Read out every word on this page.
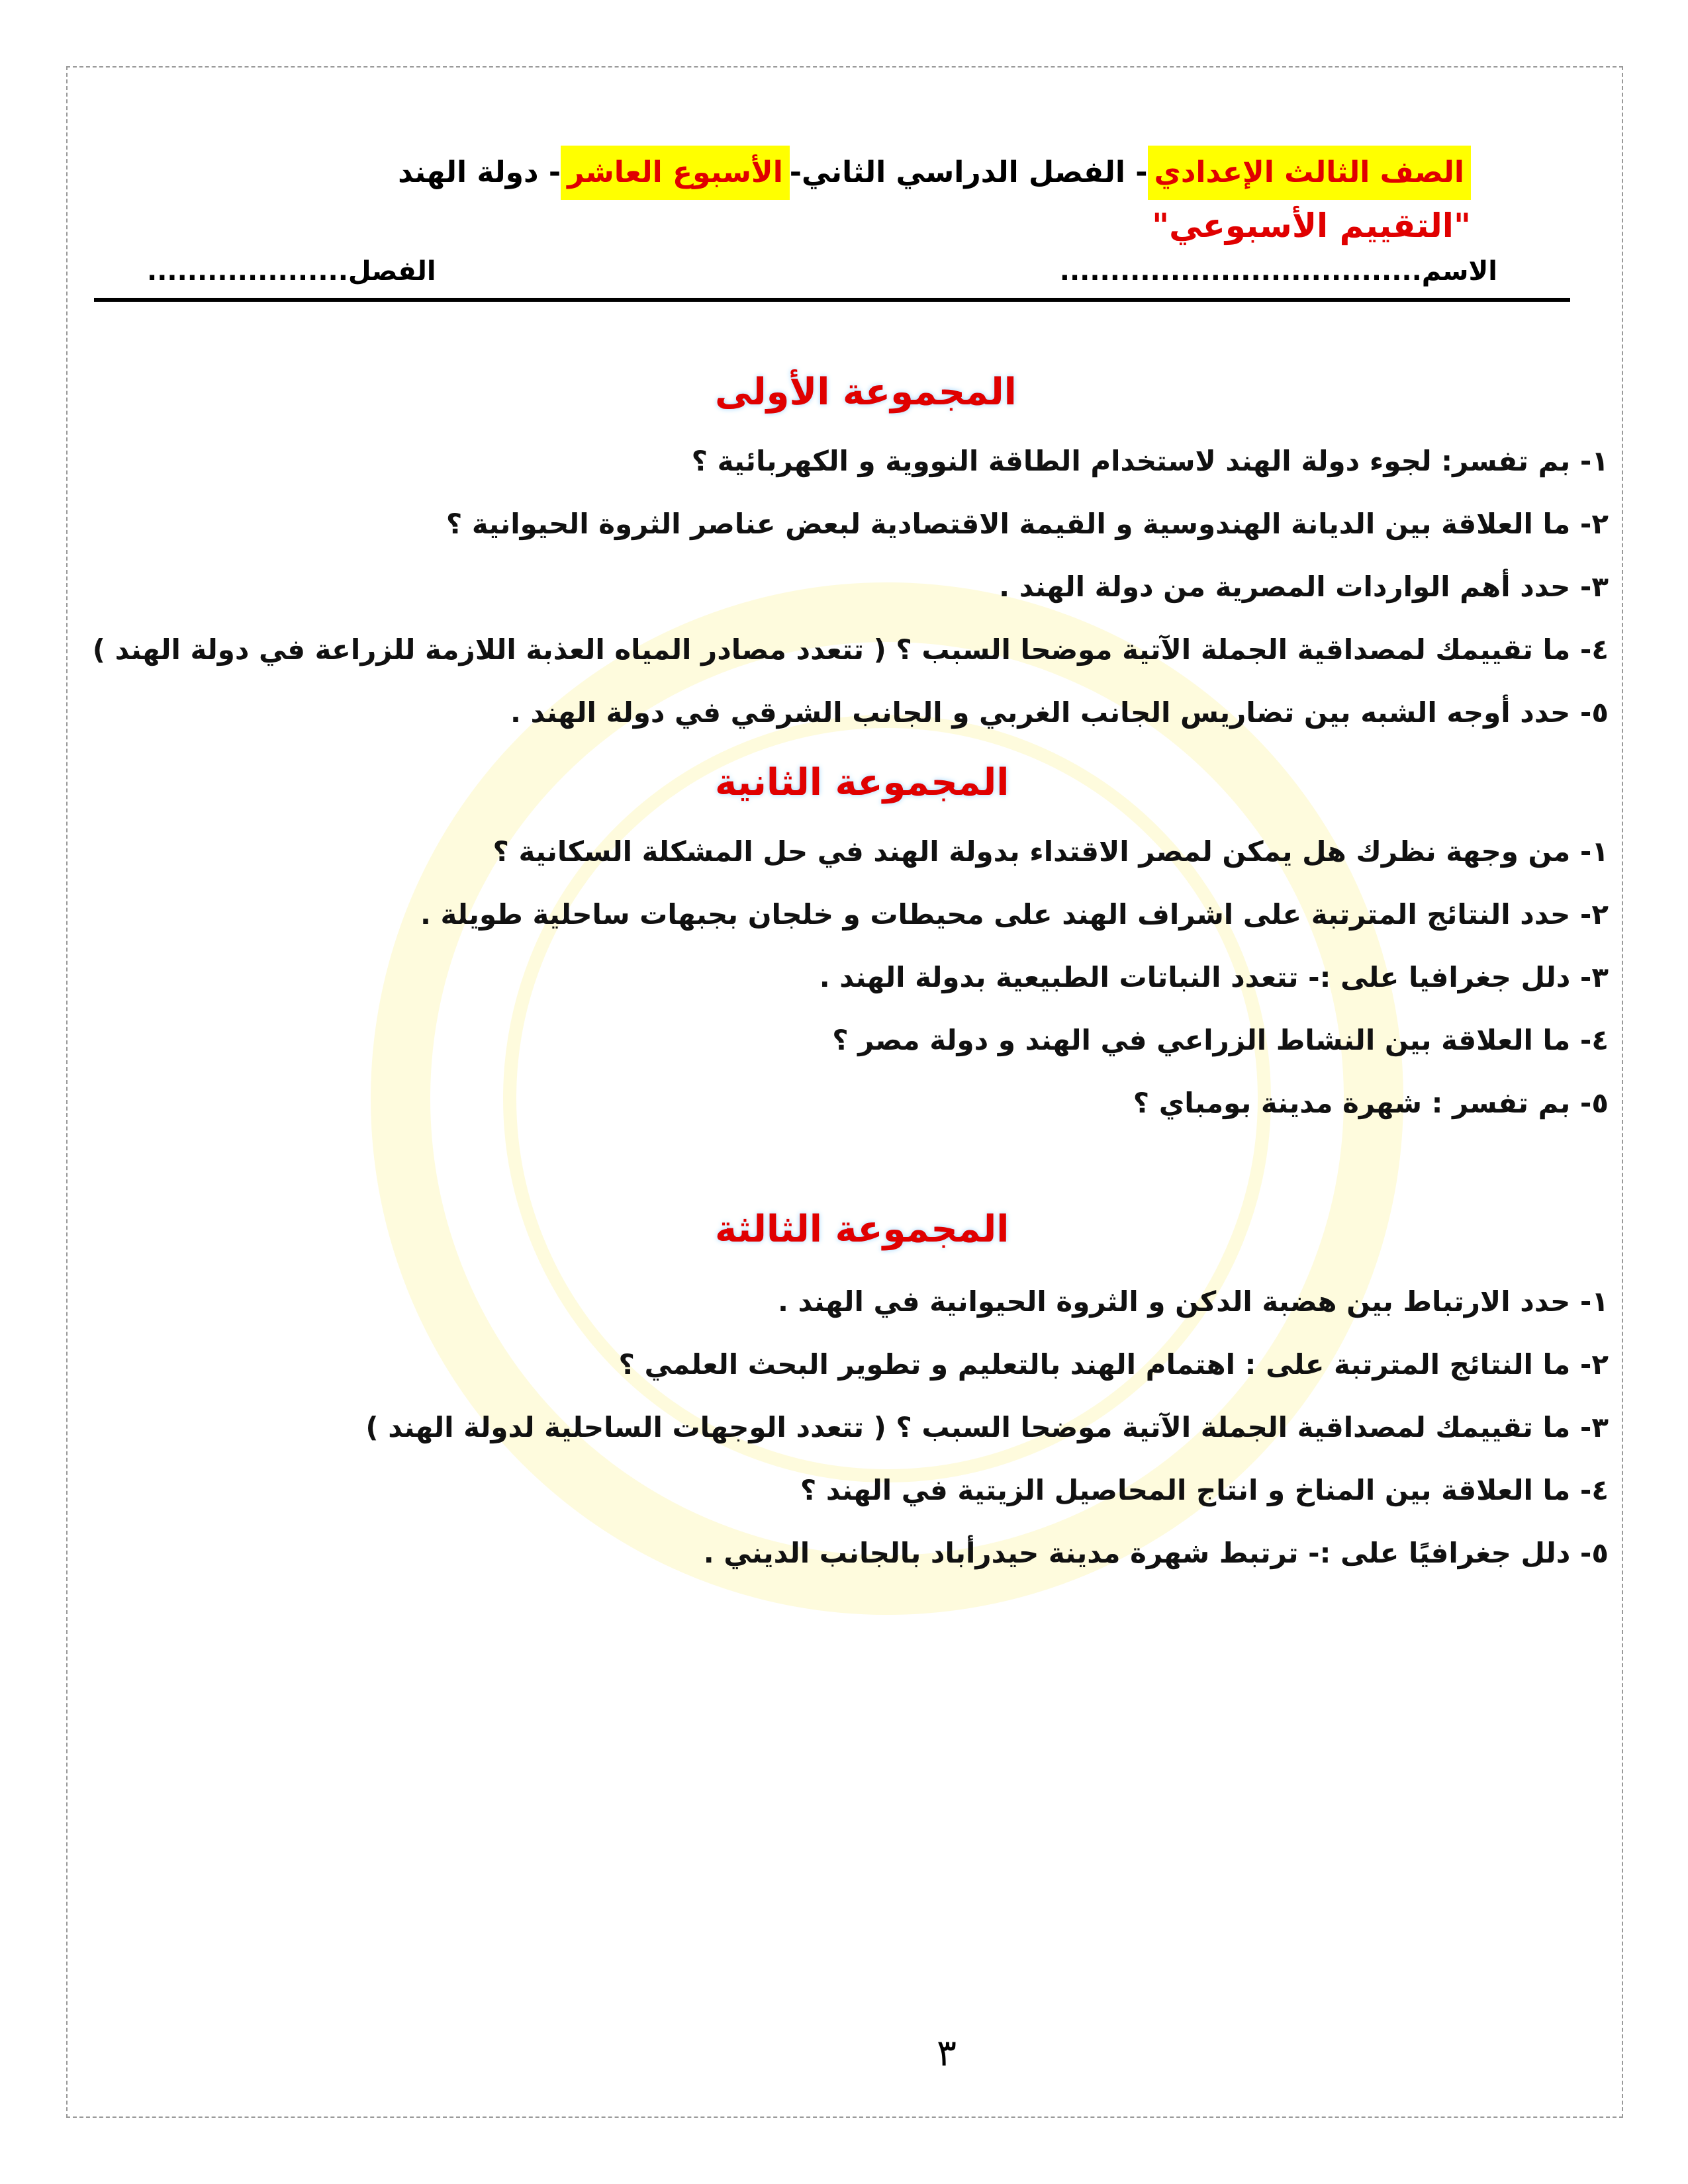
الصف الثالث الإعدادي- الفصل الدراسي الثاني-الأسبوع العاشر- دولة الهند
"التقييم الأسبوعي"
الاسم....................................
الفصل....................
المجموعة الأولى
١- بم تفسر: لجوء دولة الهند لاستخدام الطاقة النووية و الكهربائية ؟
٢- ما العلاقة بين الديانة الهندوسية و القيمة الاقتصادية لبعض عناصر الثروة الحيوانية ؟
٣- حدد أهم الواردات المصرية من دولة الهند .
٤- ما تقييمك لمصداقية الجملة الآتية موضحا السبب ؟ ( تتعدد مصادر المياه العذبة اللازمة للزراعة في دولة الهند )
٥- حدد أوجه الشبه بين تضاريس الجانب الغربي و الجانب الشرقي في دولة الهند .
المجموعة الثانية
١- من وجهة نظرك هل يمكن لمصر الاقتداء بدولة الهند في حل المشكلة السكانية ؟
٢- حدد النتائج المترتبة على اشراف الهند على محيطات و خلجان بجبهات ساحلية طويلة .
٣- دلل جغرافيا على :- تتعدد النباتات الطبيعية بدولة الهند .
٤- ما العلاقة بين النشاط الزراعي في الهند و دولة مصر ؟
٥- بم تفسر : شهرة مدينة بومباي ؟
المجموعة الثالثة
١- حدد الارتباط بين هضبة الدكن و الثروة الحيوانية في الهند .
٢- ما النتائج المترتبة على : اهتمام الهند بالتعليم و تطوير البحث العلمي ؟
٣- ما تقييمك لمصداقية الجملة الآتية موضحا السبب ؟ ( تتعدد الوجهات الساحلية لدولة الهند )
٤- ما العلاقة بين المناخ و انتاج المحاصيل الزيتية في الهند ؟
٥- دلل جغرافيًا على :- ترتبط شهرة مدينة حيدرأباد بالجانب الديني .
٣
